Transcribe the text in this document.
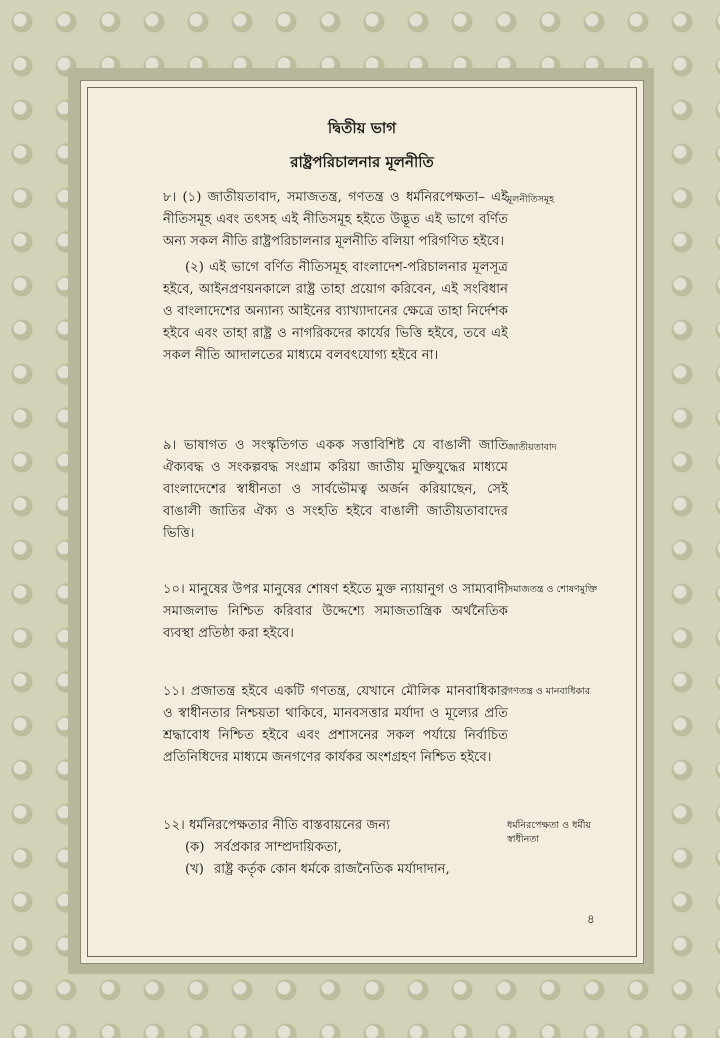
দ্বিতীয় ভাগ
রাষ্ট্রপরিচালনার মূলনীতি
৮। (১) জাতীয়তাবাদ, সমাজতন্ত্র, গণতন্ত্র ও ধর্মনিরপেক্ষতা– এই নীতিসমূহ এবং তৎসহ এই নীতিসমূহ হইতে উদ্ভূত এই ভাগে বর্ণিত অন্য সকল নীতি রাষ্ট্রপরিচালনার মূলনীতি বলিয়া পরিগণিত হইবে।
(২) এই ভাগে বর্ণিত নীতিসমূহ বাংলাদেশ-পরিচালনার মূলসূত্র হইবে, আইনপ্রণয়নকালে রাষ্ট্র তাহা প্রয়োগ করিবেন, এই সংবিধান ও বাংলাদেশের অন্যান্য আইনের ব্যাখ্যাদানের ক্ষেত্রে তাহা নির্দেশক হইবে এবং তাহা রাষ্ট্র ও নাগরিকদের কার্যের ভিত্তি হইবে, তবে এই সকল নীতি আদালতের মাধ্যমে বলবৎযোগ্য হইবে না।
মূলনীতিসমূহ
৯। ভাষাগত ও সংস্কৃতিগত একক সত্তাবিশিষ্ট যে বাঙালী জাতি ঐক্যবদ্ধ ও সংকল্পবদ্ধ সংগ্রাম করিয়া জাতীয় মুক্তিযুদ্ধের মাধ্যমে বাংলাদেশের স্বাধীনতা ও সার্বভৌমত্ব অর্জন করিয়াছেন, সেই বাঙালী জাতির ঐক্য ও সংহতি হইবে বাঙালী জাতীয়তাবাদের ভিত্তি।
জাতীয়তাবাদ
১০। মানুষের উপর মানুষের শোষণ হইতে মুক্ত ন্যায়ানুগ ও সাম্যবাদী সমাজলাভ নিশ্চিত করিবার উদ্দেশ্যে সমাজতান্ত্রিক অর্থনৈতিক ব্যবস্থা প্রতিষ্ঠা করা হইবে।
সমাজতন্ত্র ও শোষণমুক্তি
১১। প্রজাতন্ত্র হইবে একটি গণতন্ত্র, যেখানে মৌলিক মানবাধিকার ও স্বাধীনতার নিশ্চয়তা থাকিবে, মানবসত্তার মর্যাদা ও মূল্যের প্রতি শ্রদ্ধাবোধ নিশ্চিত হইবে এবং প্রশাসনের সকল পর্যায়ে নির্বাচিত প্রতিনিধিদের মাধ্যমে জনগণের কার্যকর অংশগ্রহণ নিশ্চিত হইবে।
গণতন্ত্র ও মানবাধিকার
১২। ধর্মনিরপেক্ষতার নীতি বাস্তবায়নের জন্য
(ক) সর্বপ্রকার সাম্প্রদায়িকতা,
(খ) রাষ্ট্র কর্তৃক কোন ধর্মকে রাজনৈতিক মর্যাদাদান,
ধর্মনিরপেক্ষতা ও ধর্মীয় স্বাধীনতা
৪
